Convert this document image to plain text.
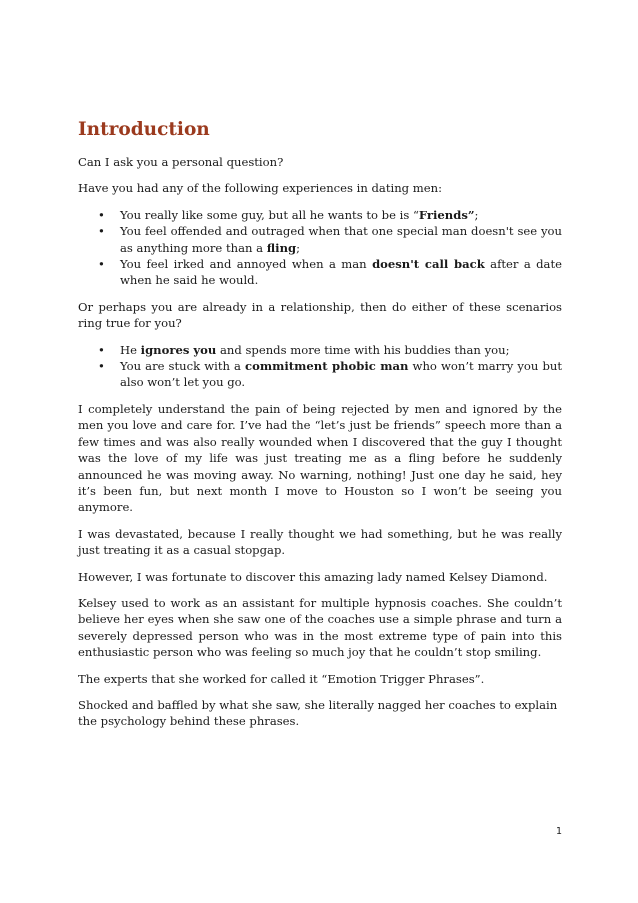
Introduction

Can I ask you a personal question?

Have you had any of the following experiences in dating men:

• You really like some guy, but all he wants to be is “Friends”;
• You feel offended and outraged when that one special man doesn't see you as anything more than a fling;
• You feel irked and annoyed when a man doesn't call back after a date when he said he would.

Or perhaps you are already in a relationship, then do either of these scenarios ring true for you?

• He ignores you and spends more time with his buddies than you;
• You are stuck with a commitment phobic man who won’t marry you but also won’t let you go.

I completely understand the pain of being rejected by men and ignored by the men you love and care for. I’ve had the “let’s just be friends” speech more than a few times and was also really wounded when I discovered that the guy I thought was the love of my life was just treating me as a fling before he suddenly announced he was moving away. No warning, nothing! Just one day he said, hey it’s been fun, but next month I move to Houston so I won’t be seeing you anymore.

I was devastated, because I really thought we had something, but he was really just treating it as a casual stopgap.

However, I was fortunate to discover this amazing lady named Kelsey Diamond.

Kelsey used to work as an assistant for multiple hypnosis coaches. She couldn’t believe her eyes when she saw one of the coaches use a simple phrase and turn a severely depressed person who was in the most extreme type of pain into this enthusiastic person who was feeling so much joy that he couldn’t stop smiling.

The experts that she worked for called it “Emotion Trigger Phrases”.

Shocked and baffled by what she saw, she literally nagged her coaches to explain the psychology behind these phrases.

1
